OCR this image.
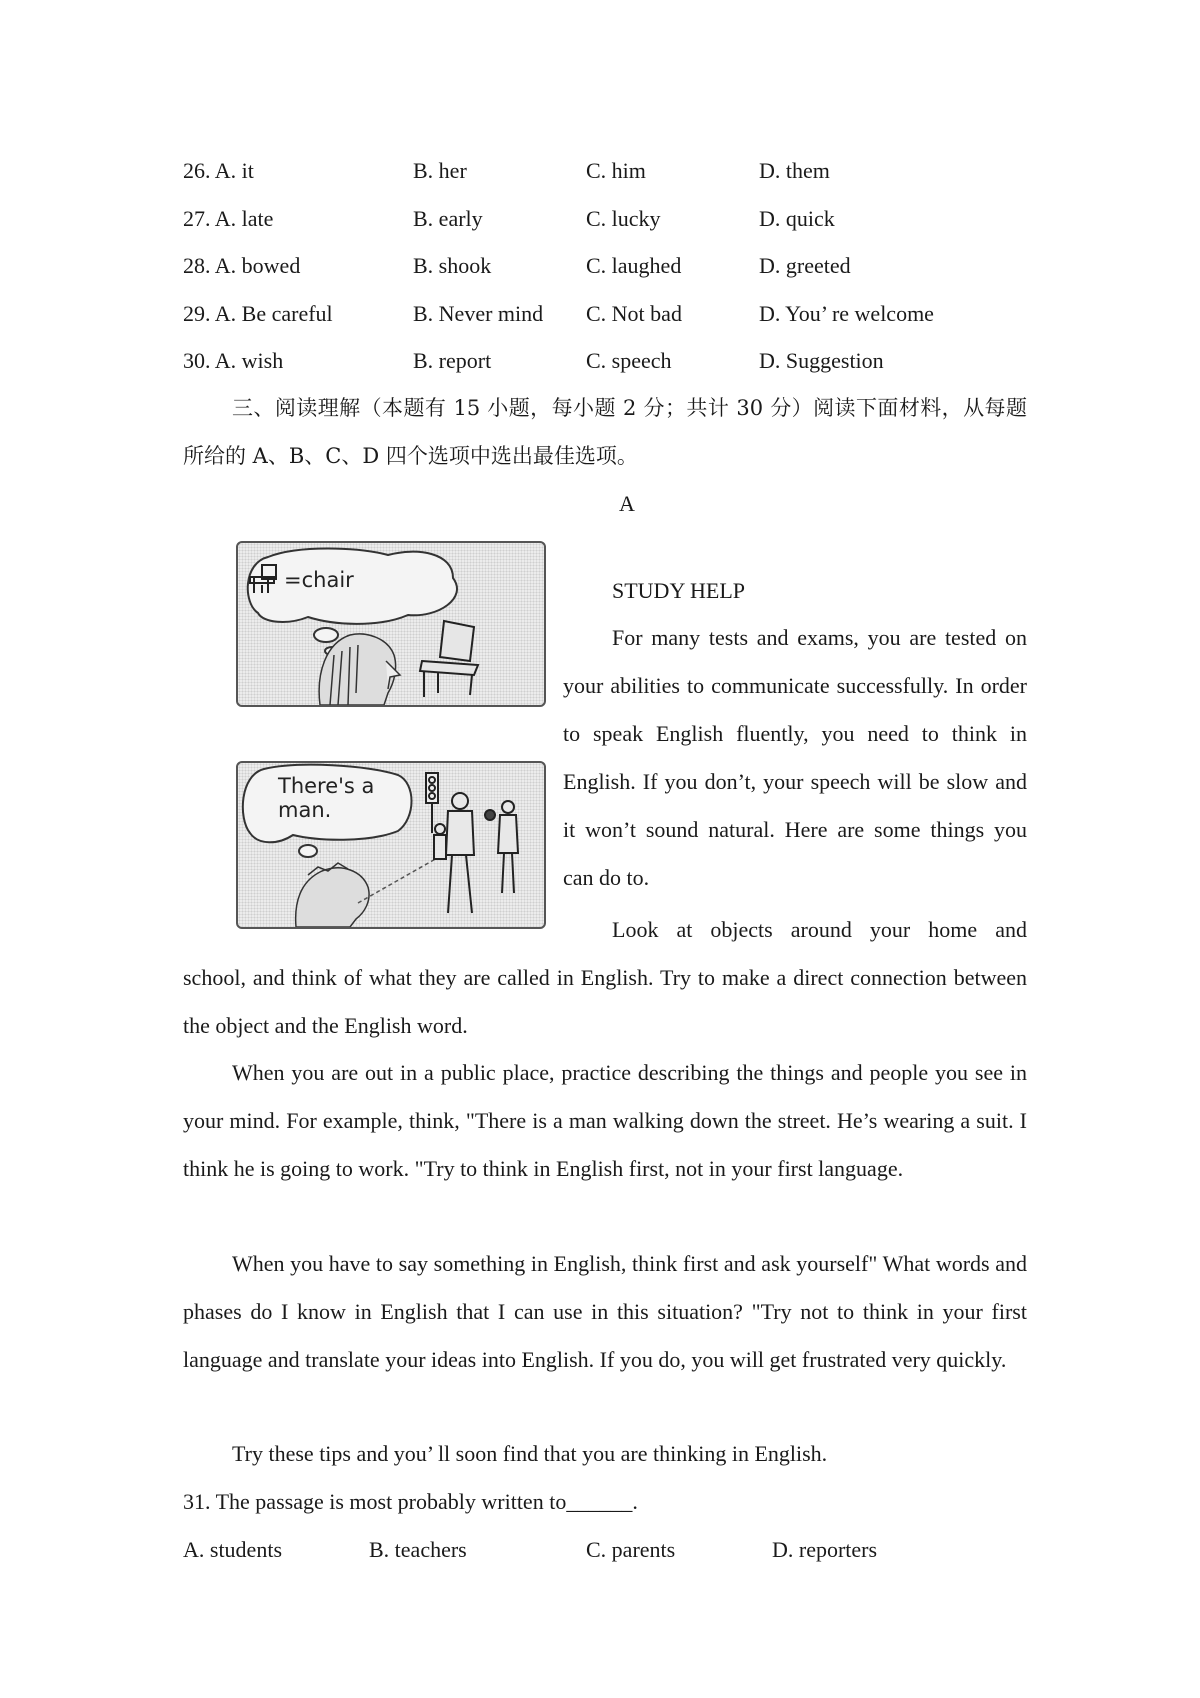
26. A. it	B. her	C. him	D. them
27. A. late	B. early	C. lucky	D. quick
28. A. bowed	B. shook	C. laughed	D. greeted
29. A. Be careful	B. Never mind C. Not bad	D. You’ re welcome
30. A. wish	B. report	C. speech	D. Suggestion
三、阅读理解（本题有 15 小题，每小题 2 分；共计 30 分）阅读下面材料，从每题所给的 A、B、C、D 四个选项中选出最佳选项。
A
=chair
There's a
man.
STUDY HELP
For many tests and exams, you are tested on your abilities to communicate successfully. In order to speak English fluently, you need to think in English. If you don’t, your speech will be slow and it won’t sound natural. Here are some things you can do to.
Look at objects around your home and
school, and think of what they are called in English. Try to make a direct connection between the object and the English word.
When you are out in a public place, practice describing the things and people you see in your mind. For example, think, "There is a man walking down the street. He’s wearing a suit. I think he is going to work. "Try to think in English first, not in your first language.
When you have to say something in English, think first and ask yourself" What words and phases do I know in English that I can use in this situation? "Try not to think in your first language and translate your ideas into English. If you do, you will get frustrated very quickly.
Try these tips and you’ ll soon find that you are thinking in English.
31. The passage is most probably written to______.
A. students	B. teachers	C. parents	D. reporters
